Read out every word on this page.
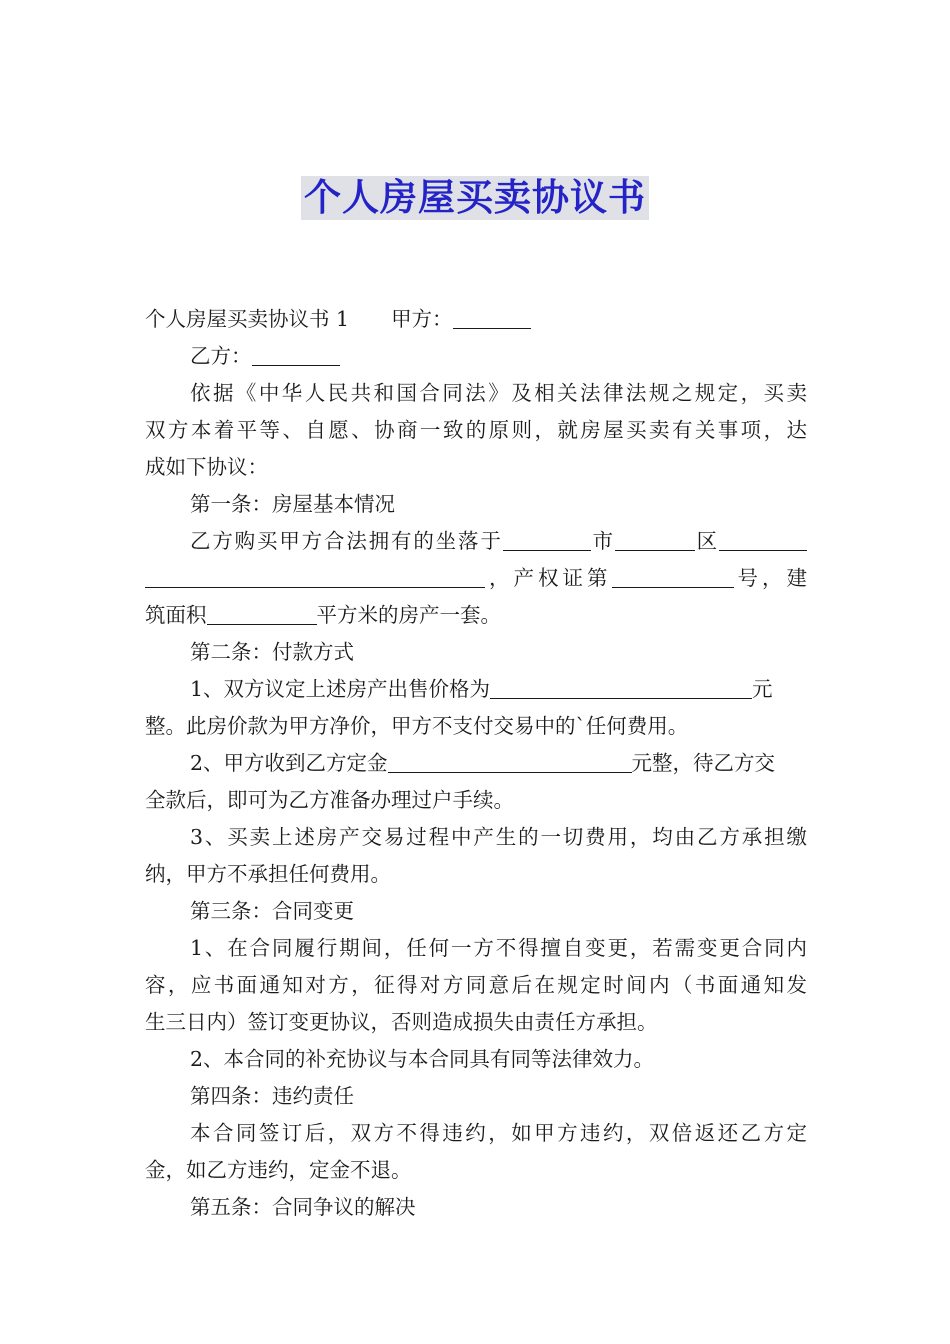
个人房屋买卖协议书
个人房屋买卖协议书 1 甲方：
乙方：
依据《中华人民共和国合同法》及相关法律法规之规定，买卖
双方本着平等、自愿、协商一致的原则，就房屋买卖有关事项，达
成如下协议：
第一条：房屋基本情况
乙方购买甲方合法拥有的坐落于	市	区
，产权证第	号，建
筑面积	平方米的房产一套。
第二条：付款方式
1、双方议定上述房产出售价格为	元
整。此房价款为甲方净价，甲方不支付交易中的`任何费用。
2、甲方收到乙方定金	元整，待乙方交
全款后，即可为乙方准备办理过户手续。
3、买卖上述房产交易过程中产生的一切费用，均由乙方承担缴
纳，甲方不承担任何费用。
第三条：合同变更
1、在合同履行期间，任何一方不得擅自变更，若需变更合同内
容，应书面通知对方，征得对方同意后在规定时间内（书面通知发
生三日内）签订变更协议，否则造成损失由责任方承担。
2、本合同的补充协议与本合同具有同等法律效力。
第四条：违约责任
本合同签订后，双方不得违约，如甲方违约，双倍返还乙方定
金，如乙方违约，定金不退。
第五条：合同争议的解决
